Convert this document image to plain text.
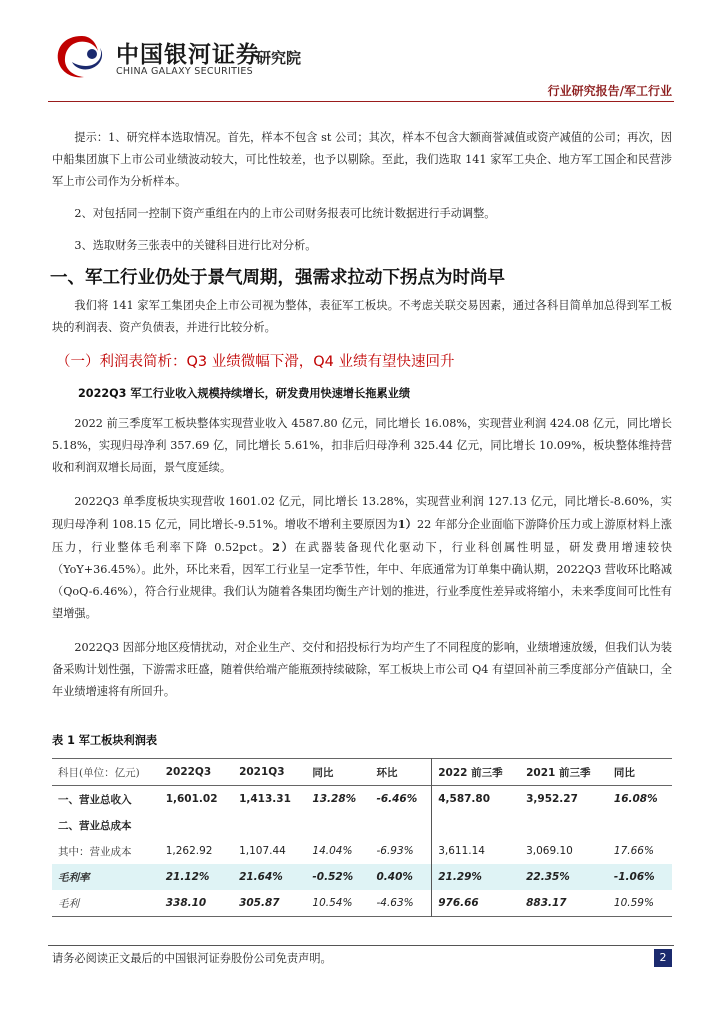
中国银河证券
CHINA GALAXY SECURITIES
研究院
行业研究报告/军工行业

提示：1、研究样本选取情况。首先，样本不包含 st 公司；其次，样本不包含大额商誉减值或资产减值的公司；再次，因中船集团旗下上市公司业绩波动较大，可比性较差，也予以剔除。至此，我们选取 141 家军工央企、地方军工国企和民营涉军上市公司作为分析样本。

2、对包括同一控制下资产重组在内的上市公司财务报表可比统计数据进行手动调整。

3、选取财务三张表中的关键科目进行比对分析。

一、军工行业仍处于景气周期，强需求拉动下拐点为时尚早

我们将 141 家军工集团央企上市公司视为整体，表征军工板块。不考虑关联交易因素，通过各科目简单加总得到军工板块的利润表、资产负债表，并进行比较分析。

（一）利润表简析：Q3 业绩微幅下滑，Q4 业绩有望快速回升
2022Q3 军工行业收入规模持续增长，研发费用快速增长拖累业绩

2022 前三季度军工板块整体实现营业收入 4587.80 亿元，同比增长 16.08%，实现营业利润 424.08 亿元，同比增长 5.18%，实现归母净利 357.69 亿，同比增长 5.61%，扣非后归母净利 325.44 亿元，同比增长 10.09%，板块整体维持营收和利润双增长局面，景气度延续。

2022Q3 单季度板块实现营收 1601.02 亿元，同比增长 13.28%，实现营业利润 127.13 亿元，同比增长-8.60%，实现归母净利 108.15 亿元，同比增长-9.51%。增收不增利主要原因为1）22 年部分企业面临下游降价压力或上游原材料上涨压力，行业整体毛利率下降 0.52pct。2）在武器装备现代化驱动下，行业科创属性明显，研发费用增速较快（YoY+36.45%）。此外，环比来看，因军工行业呈一定季节性，年中、年底通常为订单集中确认期，2022Q3 营收环比略减（QoQ-6.46%），符合行业规律。我们认为随着各集团均衡生产计划的推进，行业季度性差异或将缩小，未来季度间可比性有望增强。

2022Q3 因部分地区疫情扰动，对企业生产、交付和招投标行为均产生了不同程度的影响，业绩增速放缓，但我们认为装备采购计划性强，下游需求旺盛，随着供给端产能瓶颈持续破除，军工板块上市公司 Q4 有望回补前三季度部分产值缺口，全年业绩增速将有所回升。

表 1 军工板块利润表
科目(单位：亿元)	2022Q3	2021Q3	同比	环比	2022 前三季	2021 前三季	同比
一、营业总收入	1,601.02	1,413.31	13.28%	-6.46%	4,587.80	3,952.27	16.08%
二、营业总成本							
其中：营业成本	1,262.92	1,107.44	14.04%	-6.93%	3,611.14	3,069.10	17.66%
毛利率	21.12%	21.64%	-0.52%	0.40%	21.29%	22.35%	-1.06%
毛利	338.10	305.87	10.54%	-4.63%	976.66	883.17	10.59%
请务必阅读正文最后的中国银河证券股份公司免责声明。	2
